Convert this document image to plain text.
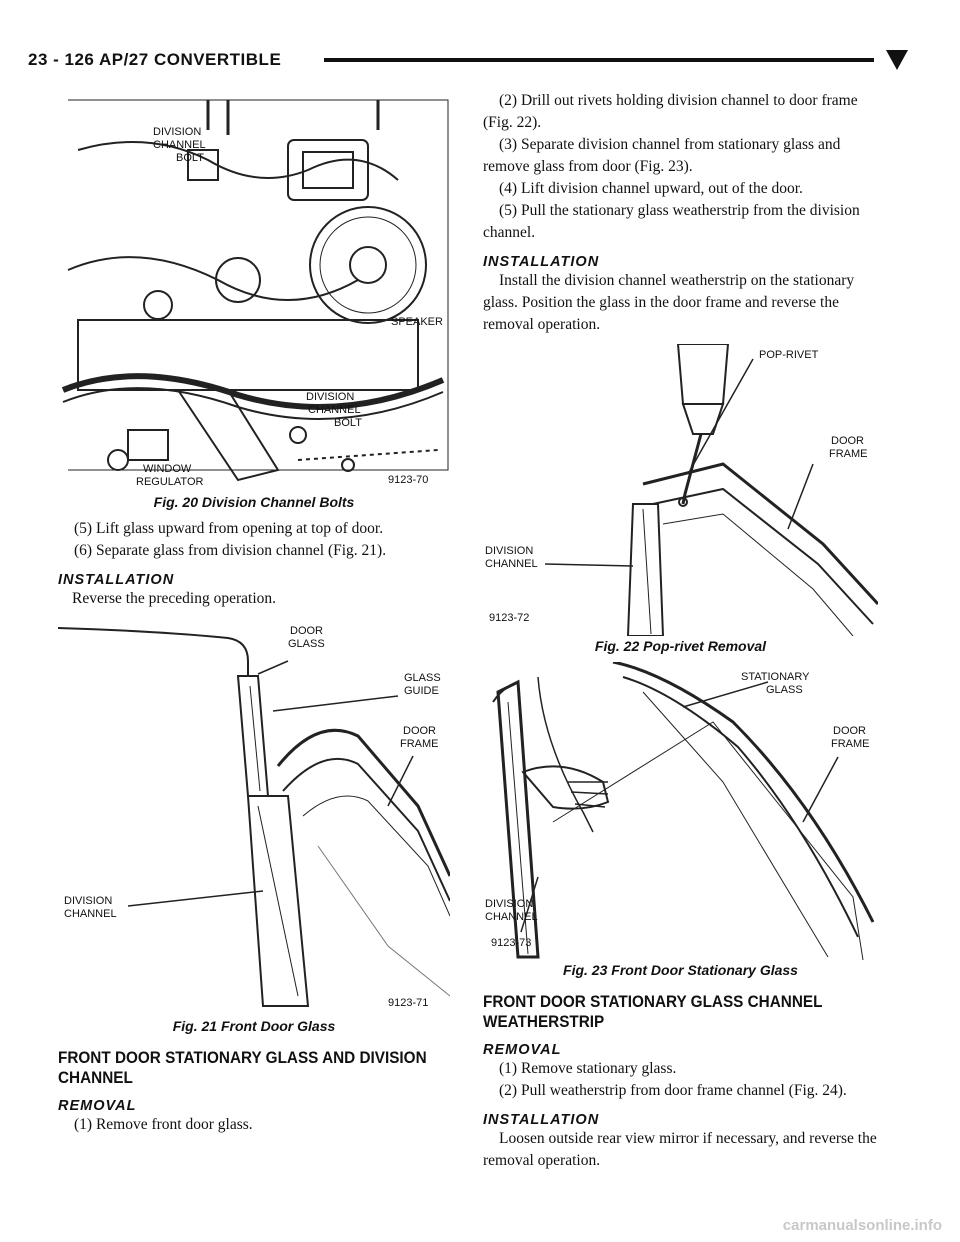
23 - 126 AP/27 CONVERTIBLE
DIVISION
CHANNEL
BOLT
SPEAKER
DIVISION
CHANNEL
BOLT
WINDOW
REGULATOR	9123-70
Fig. 20 Division Channel Bolts

(5) Lift glass upward from opening at top of door.

(6) Separate glass from division channel (Fig. 21).

INSTALLATION

Reverse the preceding operation.

DOOR
GLASS
GLASS
GUIDE
DOOR
FRAME
DIVISION
CHANNEL
9123-71
Fig. 21 Front Door Glass
FRONT DOOR STATIONARY GLASS AND DIVISION CHANNEL
REMOVAL

(1) Remove front door glass.

(2) Drill out rivets holding division channel to door frame (Fig. 22).

(3) Separate division channel from stationary glass and remove glass from door (Fig. 23).

(4) Lift division channel upward, out of the door.

(5) Pull the stationary glass weatherstrip from the division channel.

INSTALLATION

Install the division channel weatherstrip on the stationary glass. Position the glass in the door frame and reverse the removal operation.

POP-RIVET
DOOR
FRAME
DIVISION
CHANNEL
9123-72
Fig. 22 Pop-rivet Removal
STATIONARY
GLASS
DOOR
FRAME
DIVISION
CHANNEL
9123-73
Fig. 23 Front Door Stationary Glass
FRONT DOOR STATIONARY GLASS CHANNEL WEATHERSTRIP
REMOVAL

(1) Remove stationary glass.

(2) Pull weatherstrip from door frame channel (Fig. 24).

INSTALLATION

Loosen outside rear view mirror if necessary, and reverse the removal operation.

carmanualsonline.info
